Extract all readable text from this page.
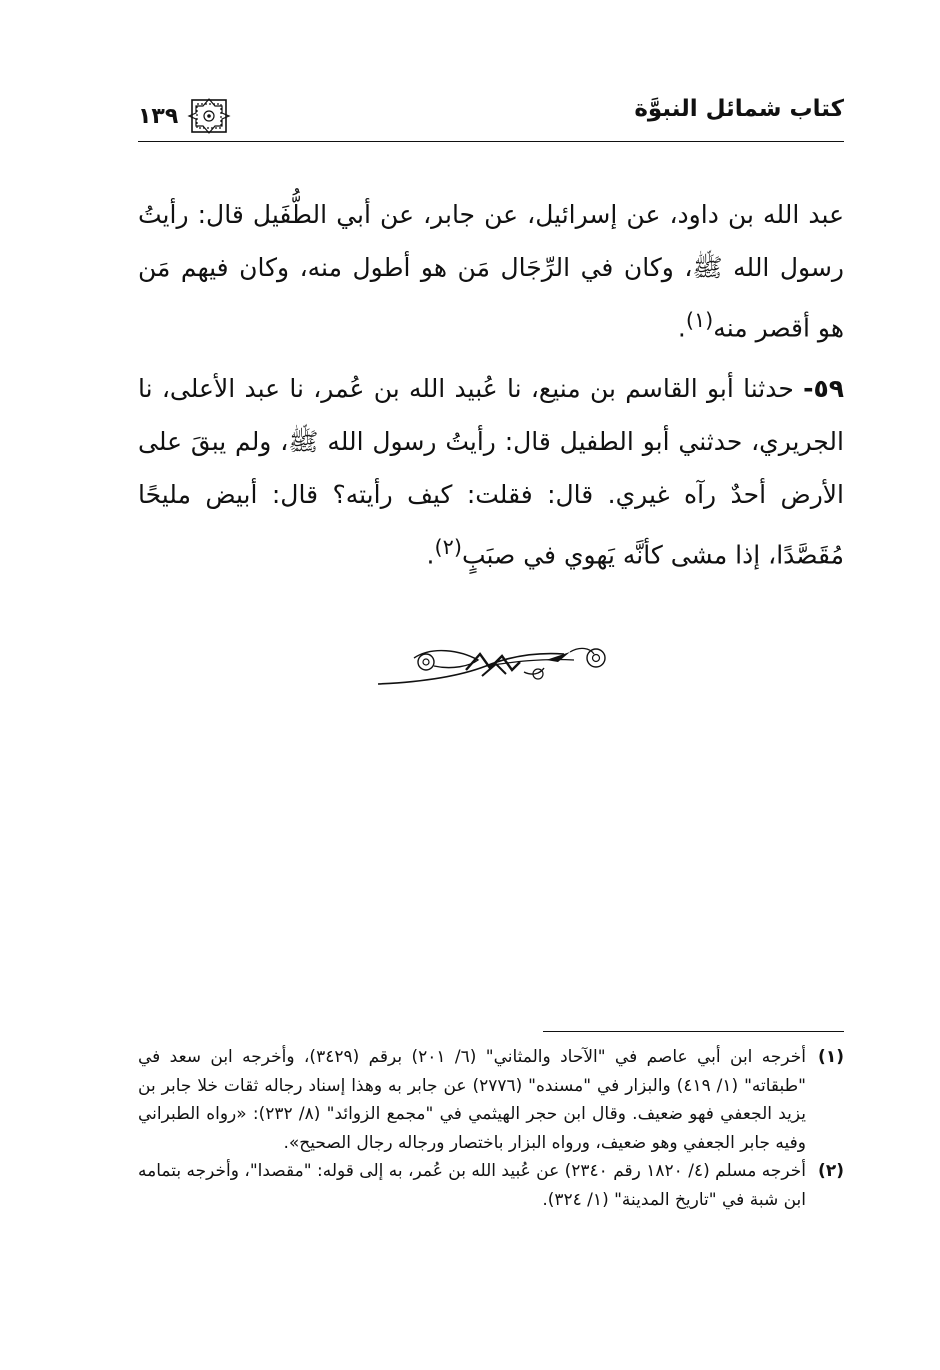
كتاب شمائل النبوَّة
١٣٩

عبد الله بن داود، عن إسرائيل، عن جابر، عن أبي الطُّفَيل قال: رأيتُ رسول الله ﷺ، وكان في الرِّجَال مَن هو أطول منه، وكان فيهم مَن هو أقصر منه$^{(١)}$.

٥٩- حدثنا أبو القاسم بن منيع، نا عُبيد الله بن عُمر، نا عبد الأعلى، نا الجريري، حدثني أبو الطفيل قال: رأيتُ رسول الله ﷺ، ولم يبقَ على الأرض أحدٌ رآه غيري. قال: فقلت: كيف رأيته؟ قال: أبيض مليحًا مُقَصَّدًا، إذا مشى كأنَّه يَهوي في صبَبٍ$^{(٢)}$.

(١)
أخرجه ابن أبي عاصم في "الآحاد والمثاني" (٦/ ٢٠١) برقم (٣٤٢٩)، وأخرجه ابن سعد في "طبقاته" (١/ ٤١٩) والبزار في "مسنده" (٢٧٧٦) عن جابر به وهذا إسناد رجاله ثقات خلا جابر بن يزيد الجعفي فهو ضعيف. وقال ابن حجر الهيثمي في "مجمع الزوائد" (٨/ ٢٣٢): «رواه الطبراني وفيه جابر الجعفي وهو ضعيف، ورواه البزار باختصار ورجاله رجال الصحيح».
(٢)
أخرجه مسلم (٤/ ١٨٢٠ رقم ٢٣٤٠) عن عُبيد الله بن عُمر، به إلى قوله: "مقصدا"، وأخرجه بتمامه ابن شبة في "تاريخ المدينة" (١/ ٣٢٤).
